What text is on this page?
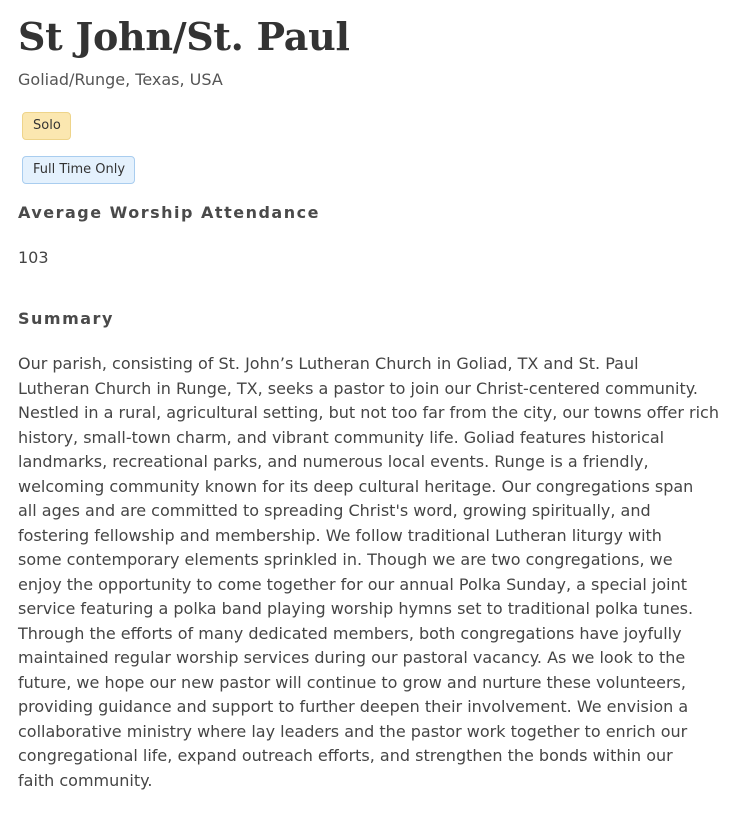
St John/St. Paul
Goliad/Runge, Texas, USA
Solo
Full Time Only
Average Worship Attendance
103
Summary

Our parish, consisting of St. John’s Lutheran Church in Goliad, TX and St. Paul
Lutheran Church in Runge, TX, seeks a pastor to join our Christ-centered community.
Nestled in a rural, agricultural setting, but not too far from the city, our towns offer rich
history, small-town charm, and vibrant community life. Goliad features historical
landmarks, recreational parks, and numerous local events. Runge is a friendly,
welcoming community known for its deep cultural heritage. Our congregations span
all ages and are committed to spreading Christ's word, growing spiritually, and
fostering fellowship and membership. We follow traditional Lutheran liturgy with
some contemporary elements sprinkled in. Though we are two congregations, we
enjoy the opportunity to come together for our annual Polka Sunday, a special joint
service featuring a polka band playing worship hymns set to traditional polka tunes.
Through the efforts of many dedicated members, both congregations have joyfully
maintained regular worship services during our pastoral vacancy. As we look to the
future, we hope our new pastor will continue to grow and nurture these volunteers,
providing guidance and support to further deepen their involvement. We envision a
collaborative ministry where lay leaders and the pastor work together to enrich our
congregational life, expand outreach efforts, and strengthen the bonds within our
faith community.
